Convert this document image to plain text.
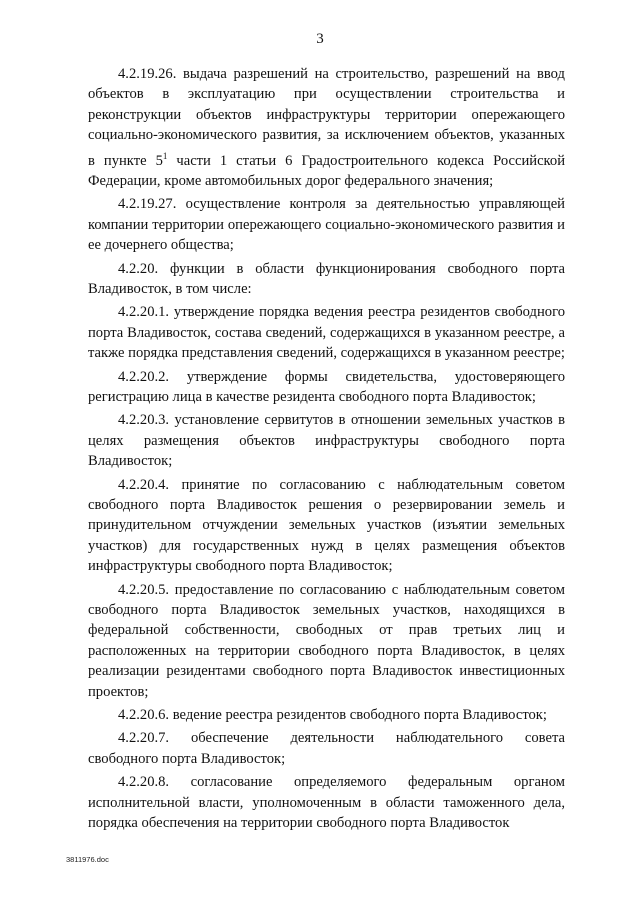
3

4.2.19.26. выдача разрешений на строительство, разрешений на ввод объектов в эксплуатацию при осуществлении строительства и реконструкции объектов инфраструктуры территории опережающего социально-экономического развития, за исключением объектов, указанных в пункте $5^1$ части 1 статьи 6 Градостроительного кодекса Российской Федерации, кроме автомобильных дорог федерального значения;

4.2.19.27. осуществление контроля за деятельностью управляющей компании территории опережающего социально-экономического развития и ее дочернего общества;

4.2.20. функции в области функционирования свободного порта Владивосток, в том числе:

4.2.20.1. утверждение порядка ведения реестра резидентов свободного порта Владивосток, состава сведений, содержащихся в указанном реестре, а также порядка представления сведений, содержащихся в указанном реестре;

4.2.20.2. утверждение формы свидетельства, удостоверяющего регистрацию лица в качестве резидента свободного порта Владивосток;

4.2.20.3. установление сервитутов в отношении земельных участков в целях размещения объектов инфраструктуры свободного порта Владивосток;

4.2.20.4. принятие по согласованию с наблюдательным советом свободного порта Владивосток решения о резервировании земель и принудительном отчуждении земельных участков (изъятии земельных участков) для государственных нужд в целях размещения объектов инфраструктуры свободного порта Владивосток;

4.2.20.5. предоставление по согласованию с наблюдательным советом свободного порта Владивосток земельных участков, находящихся в федеральной собственности, свободных от прав третьих лиц и расположенных на территории свободного порта Владивосток, в целях реализации резидентами свободного порта Владивосток инвестиционных проектов;

4.2.20.6. ведение реестра резидентов свободного порта Владивосток;

4.2.20.7. обеспечение деятельности наблюдательного совета свободного порта Владивосток;

4.2.20.8. согласование определяемого федеральным органом исполнительной власти, уполномоченным в области таможенного дела, порядка обеспечения на территории свободного порта Владивосток

3811976.doc
